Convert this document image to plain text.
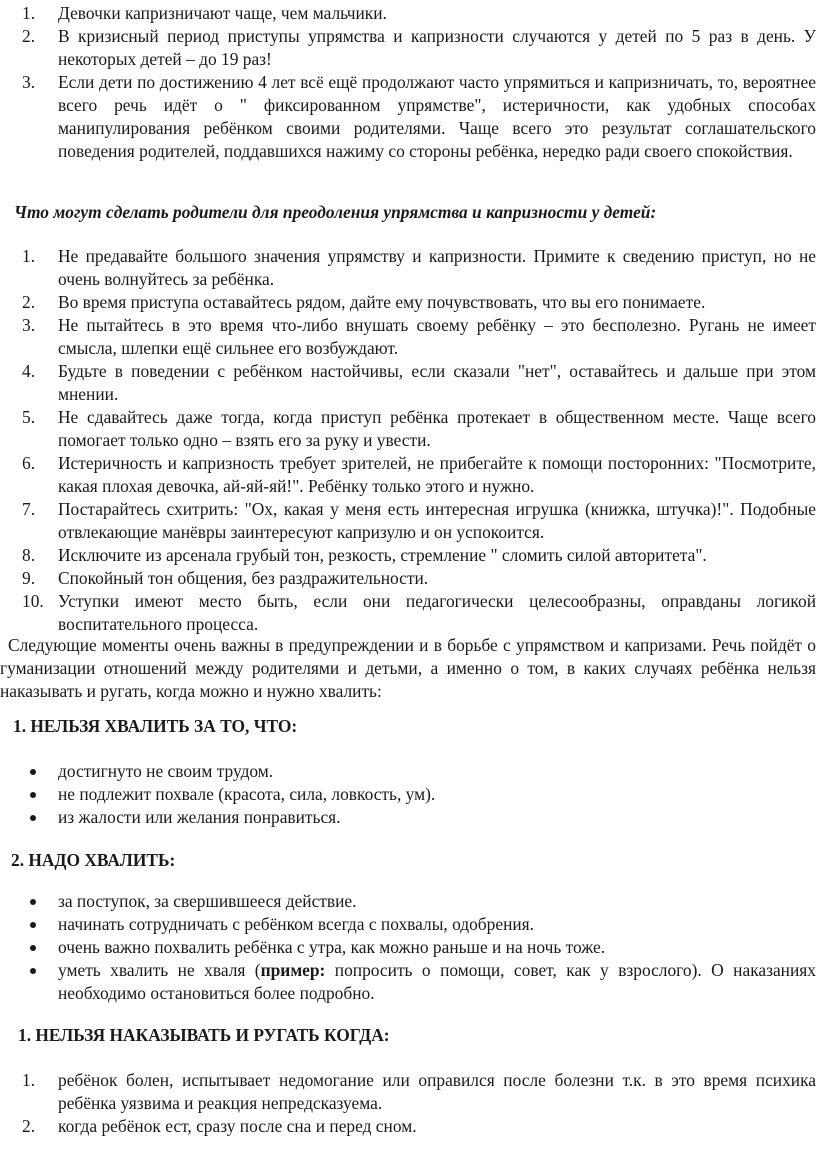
1.	Девочки капризничают чаще, чем мальчики.
2.	В кризисный период приступы упрямства и капризности случаются у детей по 5 раз в день. У некоторых детей – до 19 раз!
3.	Если дети по достижению 4 лет всё ещё продолжают часто упрямиться и капризничать, то, вероятнее всего речь идёт о " фиксированном упрямстве", истеричности, как удобных способах манипулирования ребёнком своими родителями. Чаще всего это результат соглашательского поведения родителей, поддавшихся нажиму со стороны ребёнка, нередко ради своего спокойствия.
Что могут сделать родители для преодоления упрямства и капризности у детей:
1.	Не предавайте большого значения упрямству и капризности. Примите к сведению приступ, но не очень волнуйтесь за ребёнка.
2.	Во время приступа оставайтесь рядом, дайте ему почувствовать, что вы его понимаете.
3.	Не пытайтесь в это время что-либо внушать своему ребёнку – это бесполезно. Ругань не имеет смысла, шлепки ещё сильнее его возбуждают.
4.	Будьте в поведении с ребёнком настойчивы, если сказали "нет", оставайтесь и дальше при этом мнении.
5.	Не сдавайтесь даже тогда, когда приступ ребёнка протекает в общественном месте. Чаще всего помогает только одно – взять его за руку и увести.
6.	Истеричность и капризность требует зрителей, не прибегайте к помощи посторонних: "Посмотрите, какая плохая девочка, ай-яй-яй!". Ребёнку только этого и нужно.
7.	Постарайтесь схитрить: "Ох, какая у меня есть интересная игрушка (книжка, штучка)!". Подобные отвлекающие манёвры заинтересуют капризулю и он успокоится.
8.	Исключите из арсенала грубый тон, резкость, стремление " сломить силой авторитета".
9.	Спокойный тон общения, без раздражительности.
10. Уступки имеют место быть, если они педагогически целесообразны, оправданы логикой воспитательного процесса.
Следующие моменты очень важны в предупреждении и в борьбе с упрямством и капризами. Речь пойдёт о гуманизации отношений между родителями и детьми, а именно о том, в каких случаях ребёнка нельзя наказывать и ругать, когда можно и нужно хвалить:
1. НЕЛЬЗЯ ХВАЛИТЬ ЗА ТО, ЧТО:
достигнуто не своим трудом.
не подлежит похвале (красота, сила, ловкость, ум).
из жалости или желания понравиться.
2. НАДО ХВАЛИТЬ:
за поступок, за свершившееся действие.
начинать сотрудничать с ребёнком всегда с похвалы, одобрения.
очень важно похвалить ребёнка с утра, как можно раньше и на ночь тоже.
уметь хвалить не хваля (пример: попросить о помощи, совет, как у взрослого). О наказаниях необходимо остановиться более подробно.
1. НЕЛЬЗЯ НАКАЗЫВАТЬ И РУГАТЬ КОГДА:
1.	ребёнок болен, испытывает недомогание или оправился после болезни т.к. в это время психика ребёнка уязвима и реакция непредсказуема.
2.	когда ребёнок ест, сразу после сна и перед сном.
